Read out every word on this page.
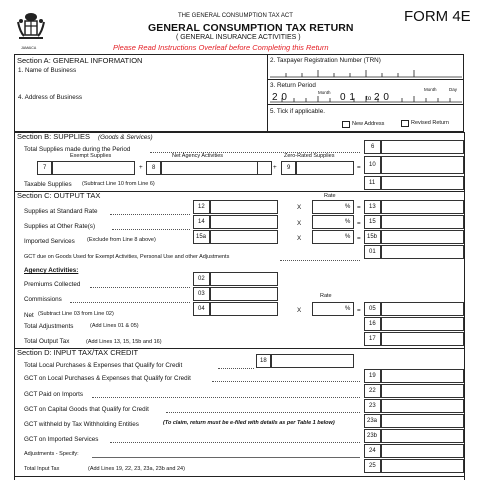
JAMAICA
THE GENERAL CONSUMPTION TAX ACT
GENERAL CONSUMPTION TAX RETURN
( GENERAL INSURANCE ACTIVITIES )
Please Read Instructions Overleaf before Completing this Return
FORM 4E
Section A: GENERAL INFORMATION
1. Name of Business
4. Address of Business
2. Taxpayer Registration Number (TRN)
3. Return Period
Month
Month	Day
2 0	0 1 to 2 0
5. Tick if applicable.
New Address	Revised Return
Section B: SUPPLIES (Goods & Services)
Total Supplies made during the Period	6
Exempt Supplies	Net Agency Activities	Zero-Rated Supplies
7	+ 8	+ 9	= 10
Taxable Supplies (Subtract Line 10 from Line 6)	11
Section C: OUTPUT TAX	Rate
Supplies at Standard Rate
12	X	% = 13
Supplies at Other Rate(s)
14	X	% = 15
Imported Services (Exclude from Line 8 above)	15a	X	% = 15b
GCT due on Goods Used for Exempt Activities, Personal Use and other Adjustments
01
Agency Activities:
Premiums Collected
02
Commissions
03	Rate
Net (Subtract Line 03 from Line 02)
04	X	% = 05
Total Adjustments	(Add Lines 01 & 05)	16
Total Output Tax	(Add Lines 13, 15, 15b and 16)	17
Section D: INPUT TAX/TAX CREDIT
Total Local Purchases & Expenses that Qualify for Credit
18
GCT on Local Purchases & Expenses that Qualify for Credit	19
GCT Paid on Imports	22
GCT on Capital Goods that Qualify for Credit	23
GCT withheld by Tax Withholding Entities	(To claim, return must be e-filed with details as per Table 1 below)	23a
GCT on Imported Services	23b
Adjustments - Specify:	24
Total Input Tax	(Add Lines 19, 22, 23, 23a, 23b and 24)	25
